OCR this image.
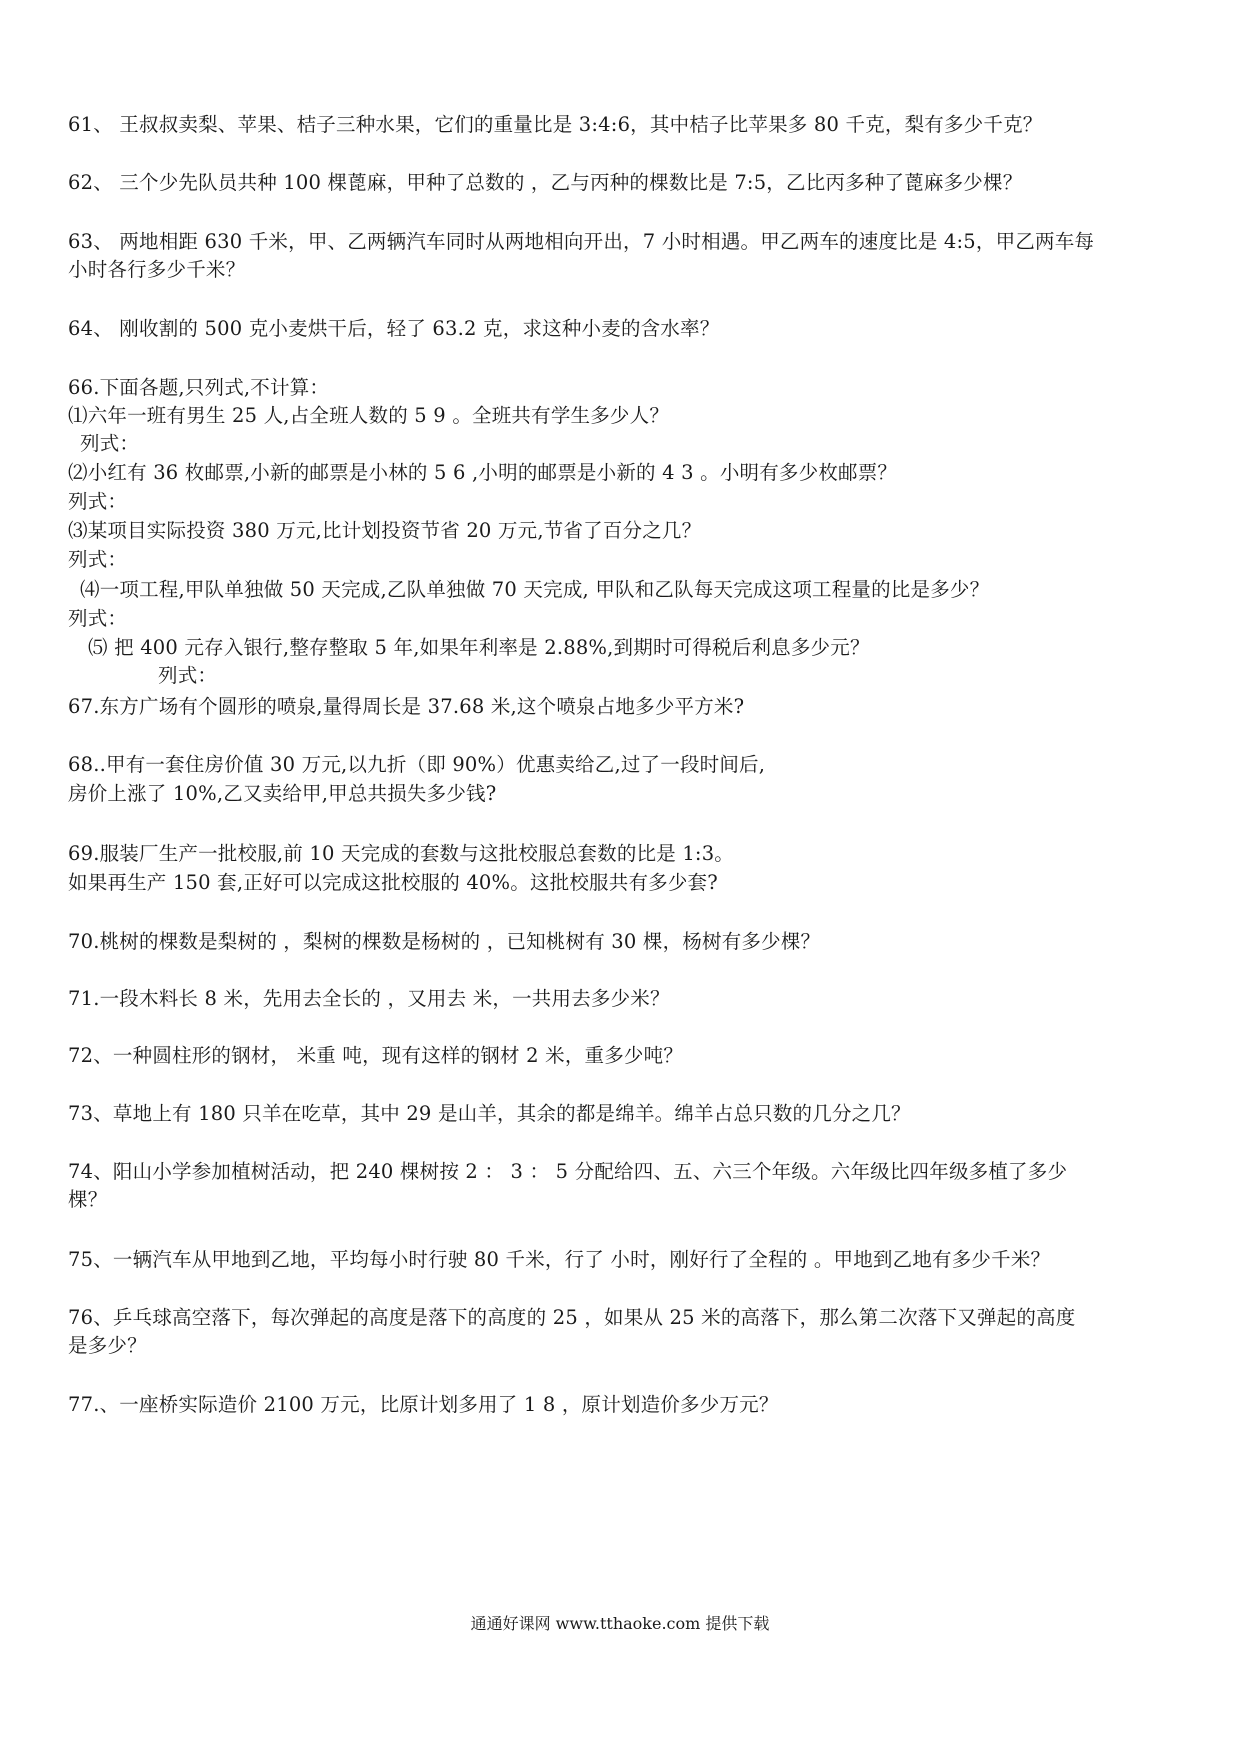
61、 王叔叔卖梨、苹果、桔子三种水果，它们的重量比是 3:4:6，其中桔子比苹果多 80 千克，梨有多少千克？
62、 三个少先队员共种 100 棵蓖麻，甲种了总数的 ，乙与丙种的棵数比是 7:5，乙比丙多种了蓖麻多少棵？
63、 两地相距 630 千米，甲、乙两辆汽车同时从两地相向开出，7 小时相遇。甲乙两车的速度比是 4:5，甲乙两车每
小时各行多少千米？
64、 刚收割的 500 克小麦烘干后，轻了 63.2 克，求这种小麦的含水率？
66.下面各题,只列式,不计算：
⑴六年一班有男生 25 人,占全班人数的 5 9 。全班共有学生多少人？
列式：
⑵小红有 36 枚邮票,小新的邮票是小林的 5 6 ,小明的邮票是小新的 4 3 。小明有多少枚邮票？
列式：
⑶某项目实际投资 380 万元,比计划投资节省 20 万元,节省了百分之几？
列式：
⑷一项工程,甲队单独做 50 天完成,乙队单独做 70 天完成, 甲队和乙队每天完成这项工程量的比是多少？
列式：
⑸ 把 400 元存入银行,整存整取 5 年,如果年利率是 2.88%,到期时可得税后利息多少元？
列式：
67.东方广场有个圆形的喷泉,量得周长是 37.68 米,这个喷泉占地多少平方米?
68..甲有一套住房价值 30 万元,以九折（即 90%）优惠卖给乙,过了一段时间后,
房价上涨了 10%,乙又卖给甲,甲总共损失多少钱?
69.服装厂生产一批校服,前 10 天完成的套数与这批校服总套数的比是 1:3。
如果再生产 150 套,正好可以完成这批校服的 40%。这批校服共有多少套?
70.桃树的棵数是梨树的 ，梨树的棵数是杨树的 ，已知桃树有 30 棵，杨树有多少棵？
71.一段木料长 8 米，先用去全长的 ，又用去 米，一共用去多少米？
72、一种圆柱形的钢材， 米重 吨，现有这样的钢材 2 米，重多少吨？
73、草地上有 180 只羊在吃草，其中 29 是山羊，其余的都是绵羊。绵羊占总只数的几分之几？
74、阳山小学参加植树活动，把 240 棵树按 2 ： 3 ： 5 分配给四、五、六三个年级。六年级比四年级多植了多少
棵？
75、一辆汽车从甲地到乙地，平均每小时行驶 80 千米，行了 小时，刚好行了全程的 。甲地到乙地有多少千米？
76、乒乓球高空落下，每次弹起的高度是落下的高度的 25 ，如果从 25 米的高落下，那么第二次落下又弹起的高度
是多少？
77.、一座桥实际造价 2100 万元，比原计划多用了 1 8 ，原计划造价多少万元？
通通好课网 www.tthaoke.com 提供下载
